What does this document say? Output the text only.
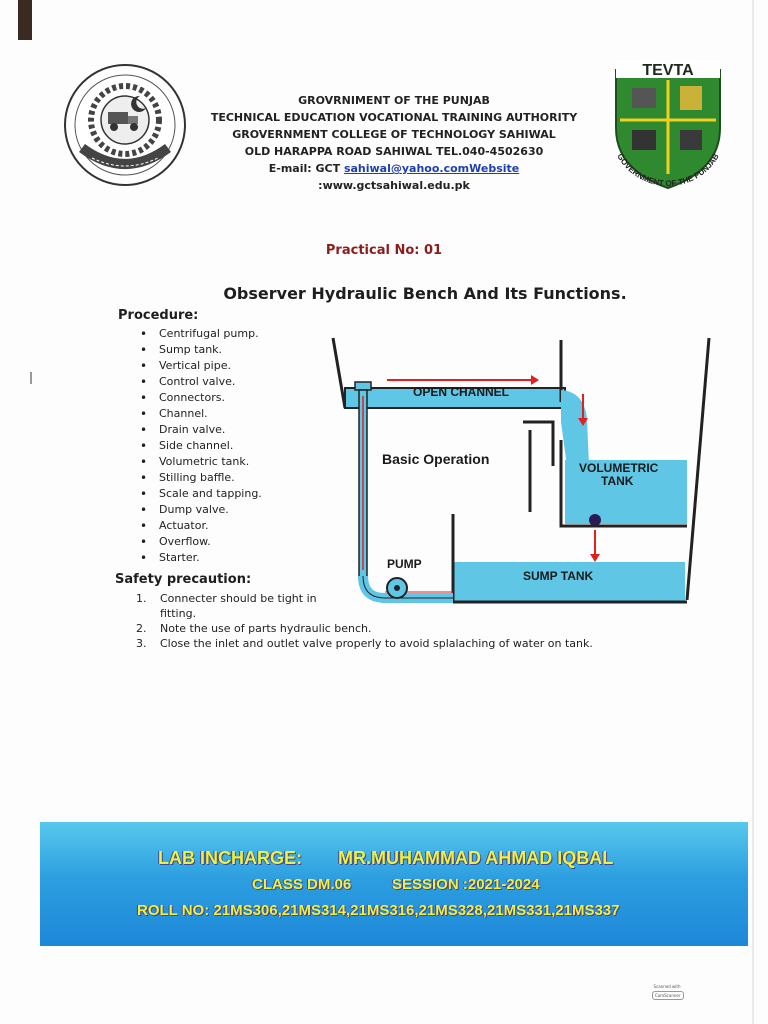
GROVRNIMENT OF THE PUNJAB
TECHNICAL EDUCATION VOCATIONAL TRAINING AUTHORITY
GROVERNMENT COLLEGE OF TECHNOLOGY SAHIWAL
OLD HARAPPA ROAD SAHIWAL TEL.040-4502630
E-mail: GCT sahiwal@yahoo.comWebsite :www.gctsahiwal.edu.pk
TEVTA
GOVERNMENT OF THE PUNJAB
Practical No: 01
Observer Hydraulic Bench And Its Functions.
Procedure:
• Centrifugal pump.
• Sump tank.
• Vertical pipe.
• Control valve.
• Connectors.
• Channel.
• Drain valve.
• Side channel.
• Volumetric tank.
• Stilling baffle.
• Scale and tapping.
• Dump valve.
• Actuator.
• Overflow.
• Starter.
OPEN CHANNEL
Basic Operation
VOLUMETRIC
TANK
PUMP
SUMP TANK
Safety precaution:
1. Connecter should be tight in fitting.
2. Note the use of parts hydraulic bench.
3. Close the inlet and outlet valve properly to avoid splalaching of water on tank.
LAB INCHARGE: MR.MUHAMMAD AHMAD IQBAL
CLASS DM.06	SESSION :2021-2024
ROLL NO: 21MS306,21MS314,21MS316,21MS328,21MS331,21MS337
Scanned with
CamScanner
